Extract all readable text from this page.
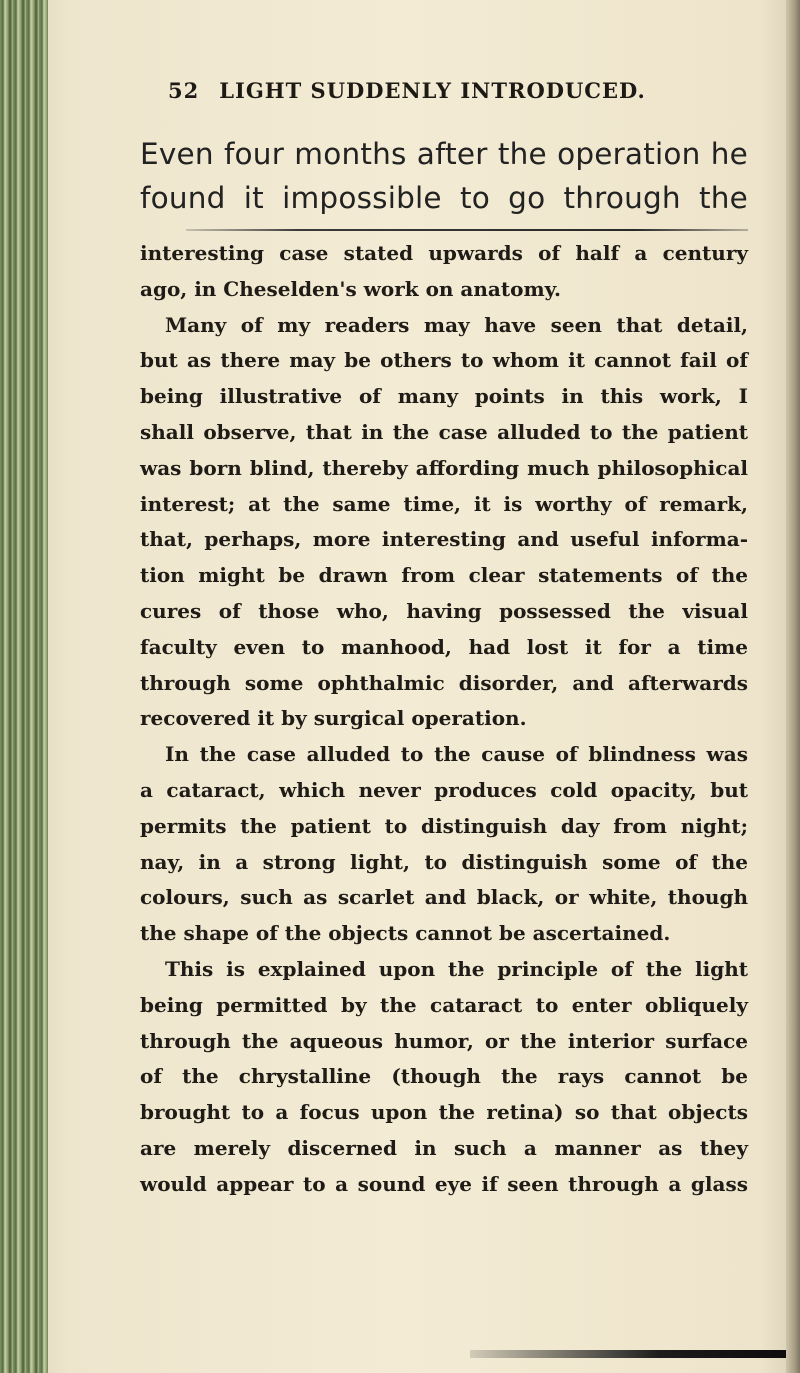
52 LIGHT SUDDENLY INTRODUCED.
Even four months after the operation he
found it impossible to go through the
interesting case stated upwards of half a century
ago, in Cheselden's work on anatomy.
Many of my readers may have seen that detail,
but as there may be others to whom it cannot fail of
being illustrative of many points in this work, I
shall observe, that in the case alluded to the patient
was born blind, thereby affording much philosophical
interest; at the same time, it is worthy of remark,
that, perhaps, more interesting and useful informa-
tion might be drawn from clear statements of the
cures of those who, having possessed the visual
faculty even to manhood, had lost it for a time
through some ophthalmic disorder, and afterwards
recovered it by surgical operation.
In the case alluded to the cause of blindness was
a cataract, which never produces cold opacity, but
permits the patient to distinguish day from night;
nay, in a strong light, to distinguish some of the
colours, such as scarlet and black, or white, though
the shape of the objects cannot be ascertained.
This is explained upon the principle of the light
being permitted by the cataract to enter obliquely
through the aqueous humor, or the interior surface
of the chrystalline (though the rays cannot be
brought to a focus upon the retina) so that objects
are merely discerned in such a manner as they
would appear to a sound eye if seen through a glass
